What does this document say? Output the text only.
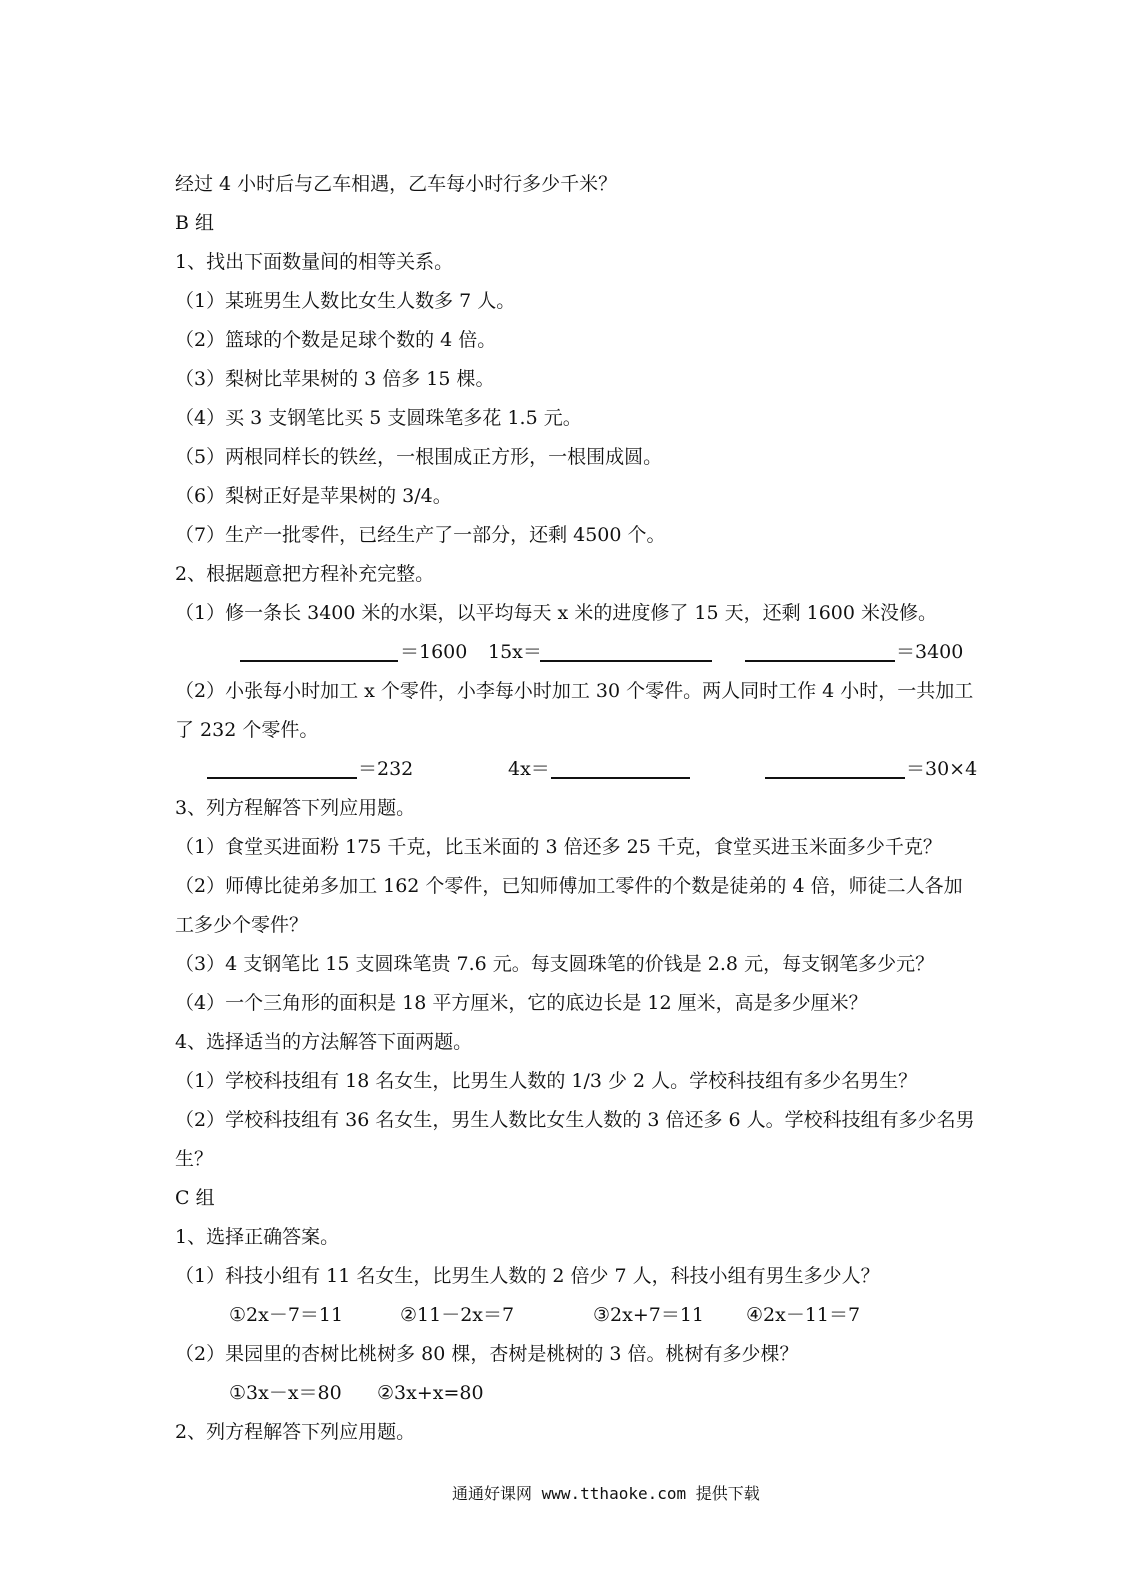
经过 4 小时后与乙车相遇，乙车每小时行多少千米？
B 组
1、找出下面数量间的相等关系。
（1）某班男生人数比女生人数多 7 人。
（2）篮球的个数是足球个数的 4 倍。
（3）梨树比苹果树的 3 倍多 15 棵。
（4）买 3 支钢笔比买 5 支圆珠笔多花 1.5 元。
（5）两根同样长的铁丝，一根围成正方形，一根围成圆。
（6）梨树正好是苹果树的 3/4。
（7）生产一批零件，已经生产了一部分，还剩 4500 个。
2、根据题意把方程补充完整。
（1）修一条长 3400 米的水渠，以平均每天 x 米的进度修了 15 天，还剩 1600 米没修。
＝1600 15x＝	＝3400
（2）小张每小时加工 x 个零件，小李每小时加工 30 个零件。两人同时工作 4 小时，一共加工
了 232 个零件。
＝232	4x＝	＝30×4
3、列方程解答下列应用题。
（1）食堂买进面粉 175 千克，比玉米面的 3 倍还多 25 千克，食堂买进玉米面多少千克？
（2）师傅比徒弟多加工 162 个零件，已知师傅加工零件的个数是徒弟的 4 倍，师徒二人各加
工多少个零件？
（3）4 支钢笔比 15 支圆珠笔贵 7.6 元。每支圆珠笔的价钱是 2.8 元，每支钢笔多少元？
（4）一个三角形的面积是 18 平方厘米，它的底边长是 12 厘米，高是多少厘米？
4、选择适当的方法解答下面两题。
（1）学校科技组有 18 名女生，比男生人数的 1/3 少 2 人。学校科技组有多少名男生？
（2）学校科技组有 36 名女生，男生人数比女生人数的 3 倍还多 6 人。学校科技组有多少名男
生？
C 组
1、选择正确答案。
（1）科技小组有 11 名女生，比男生人数的 2 倍少 7 人，科技小组有男生多少人？
①2x－7＝11	②11－2x＝7	③2x+7＝11 ④2x－11＝7
（2）果园里的杏树比桃树多 80 棵，杏树是桃树的 3 倍。桃树有多少棵？
①3x－x＝80 ②3x+x=80
2、列方程解答下列应用题。
通通好课网 www.tthaoke.com 提供下载
